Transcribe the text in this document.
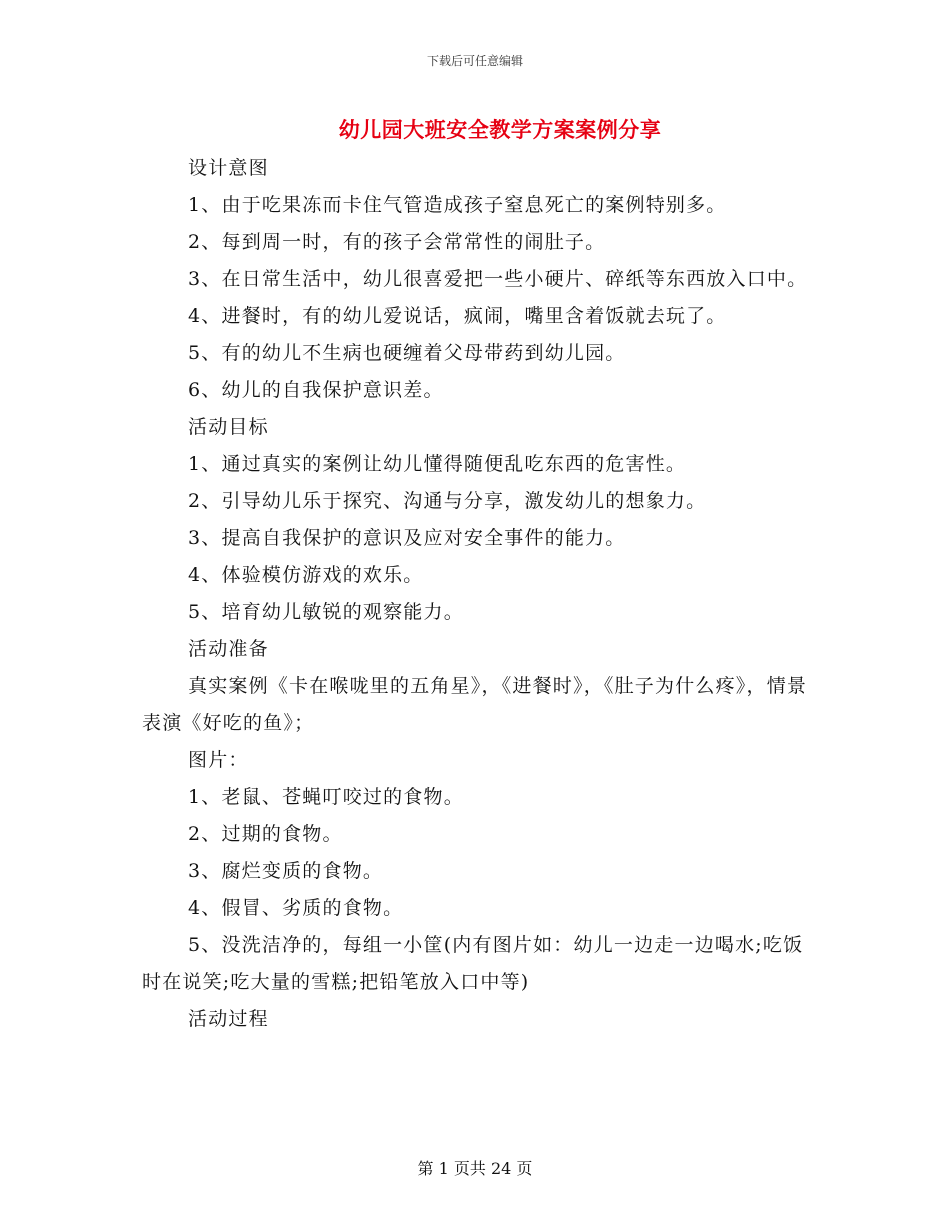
下载后可任意编辑
幼儿园大班安全教学方案案例分享

设计意图

1、由于吃果冻而卡住气管造成孩子窒息死亡的案例特别多。

2、每到周一时，有的孩子会常常性的闹肚子。

3、在日常生活中，幼儿很喜爱把一些小硬片、碎纸等东西放入口中。

4、进餐时，有的幼儿爱说话，疯闹，嘴里含着饭就去玩了。

5、有的幼儿不生病也硬缠着父母带药到幼儿园。

6、幼儿的自我保护意识差。

活动目标

1、通过真实的案例让幼儿懂得随便乱吃东西的危害性。

2、引导幼儿乐于探究、沟通与分享，激发幼儿的想象力。

3、提高自我保护的意识及应对安全事件的能力。

4、体验模仿游戏的欢乐。

5、培育幼儿敏锐的观察能力。

活动准备

真实案例《卡在喉咙里的五角星》，《进餐时》，《肚子为什么疼》，情景表演《好吃的鱼》；

图片：

1、老鼠、苍蝇叮咬过的食物。

2、过期的食物。

3、腐烂变质的食物。

4、假冒、劣质的食物。

5、没洗洁净的，每组一小筐(内有图片如：幼儿一边走一边喝水;吃饭时在说笑;吃大量的雪糕;把铅笔放入口中等)

活动过程

第 1 页共 24 页
